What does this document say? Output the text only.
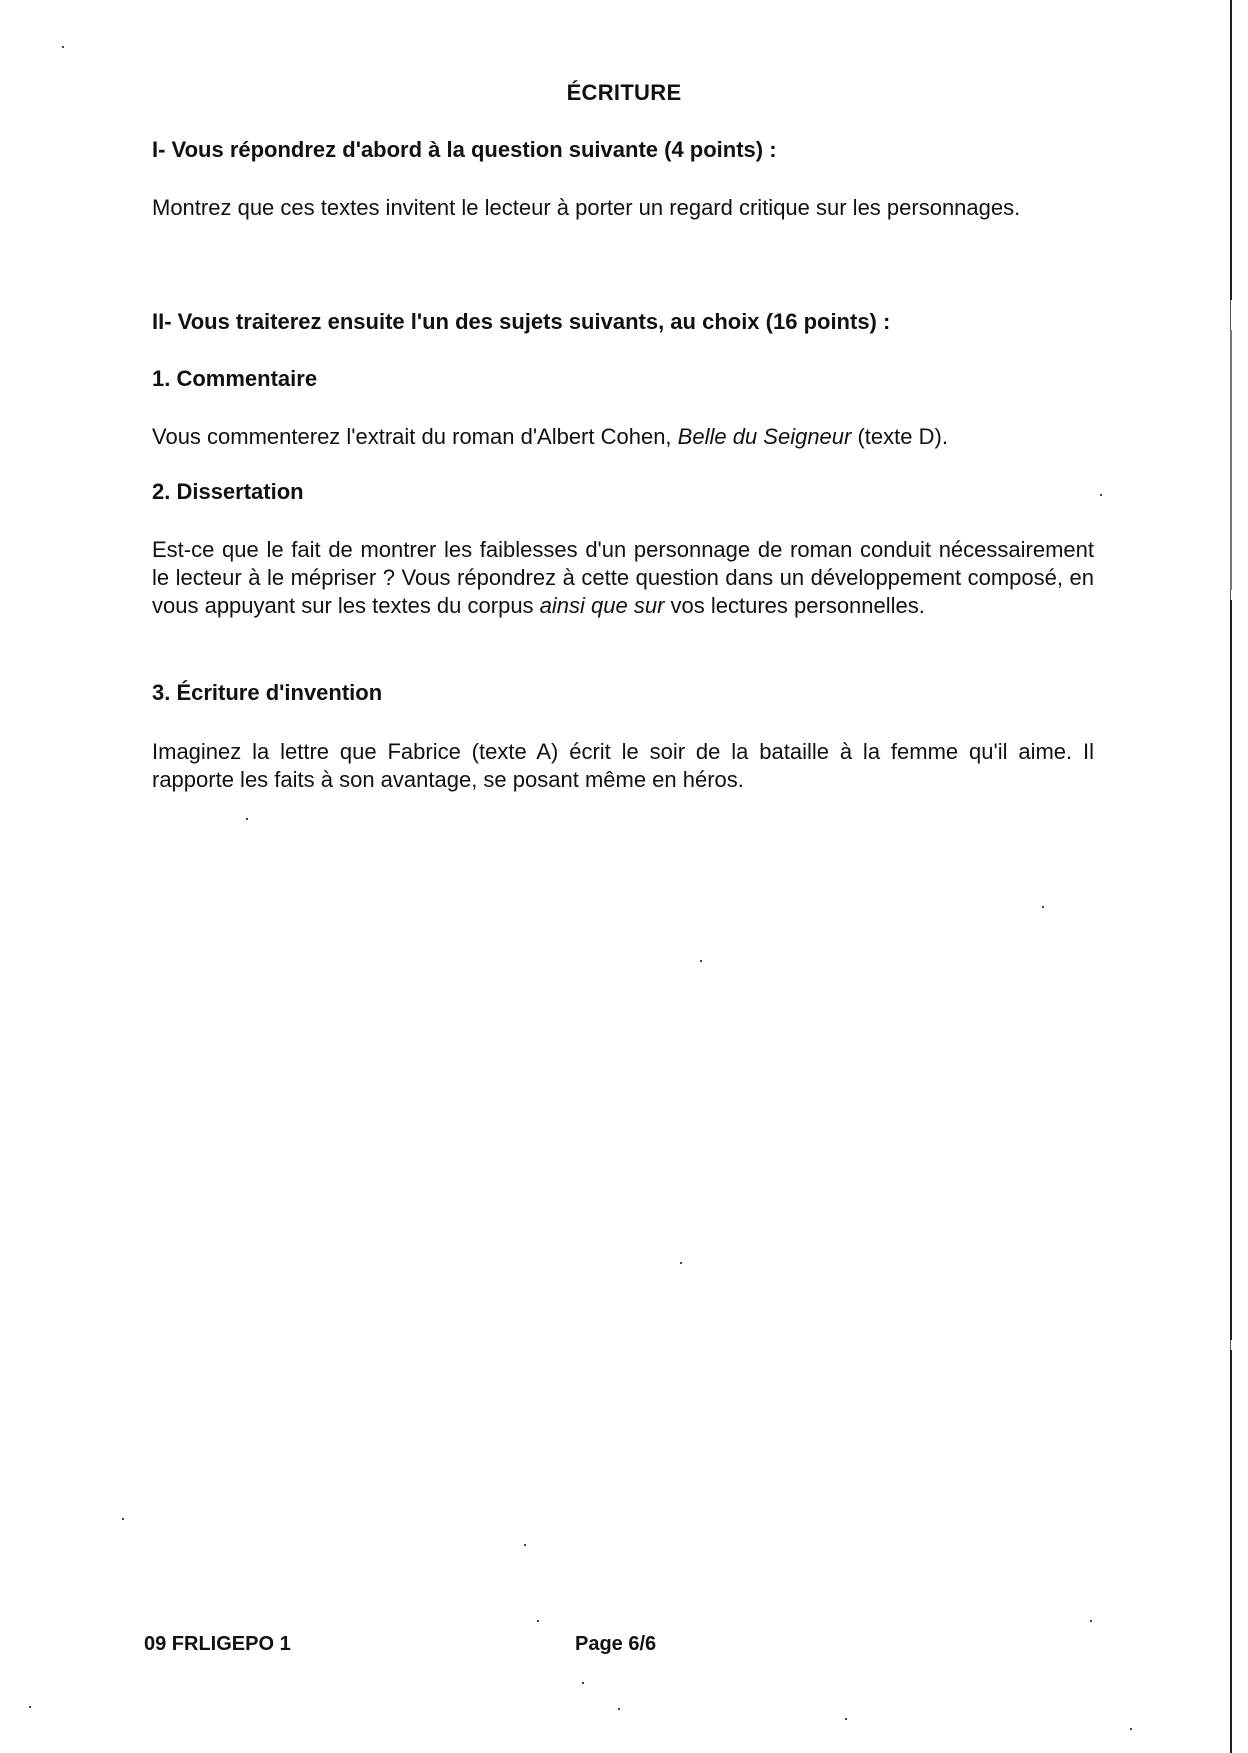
ÉCRITURE
I- Vous répondrez d'abord à la question suivante (4 points) :
Montrez que ces textes invitent le lecteur à porter un regard critique sur les personnages.
II- Vous traiterez ensuite l'un des sujets suivants, au choix (16 points) :
1. Commentaire
Vous commenterez l'extrait du roman d'Albert Cohen, Belle du Seigneur (texte D).
2. Dissertation
Est-ce que le fait de montrer les faiblesses d'un personnage de roman conduit nécessairement le lecteur à le mépriser ? Vous répondrez à cette question dans un développement composé, en vous appuyant sur les textes du corpus ainsi que sur vos lectures personnelles.
3. Écriture d'invention
Imaginez la lettre que Fabrice (texte A) écrit le soir de la bataille à la femme qu'il aime. Il rapporte les faits à son avantage, se posant même en héros.
09 FRLIGEPO 1	Page 6/6
